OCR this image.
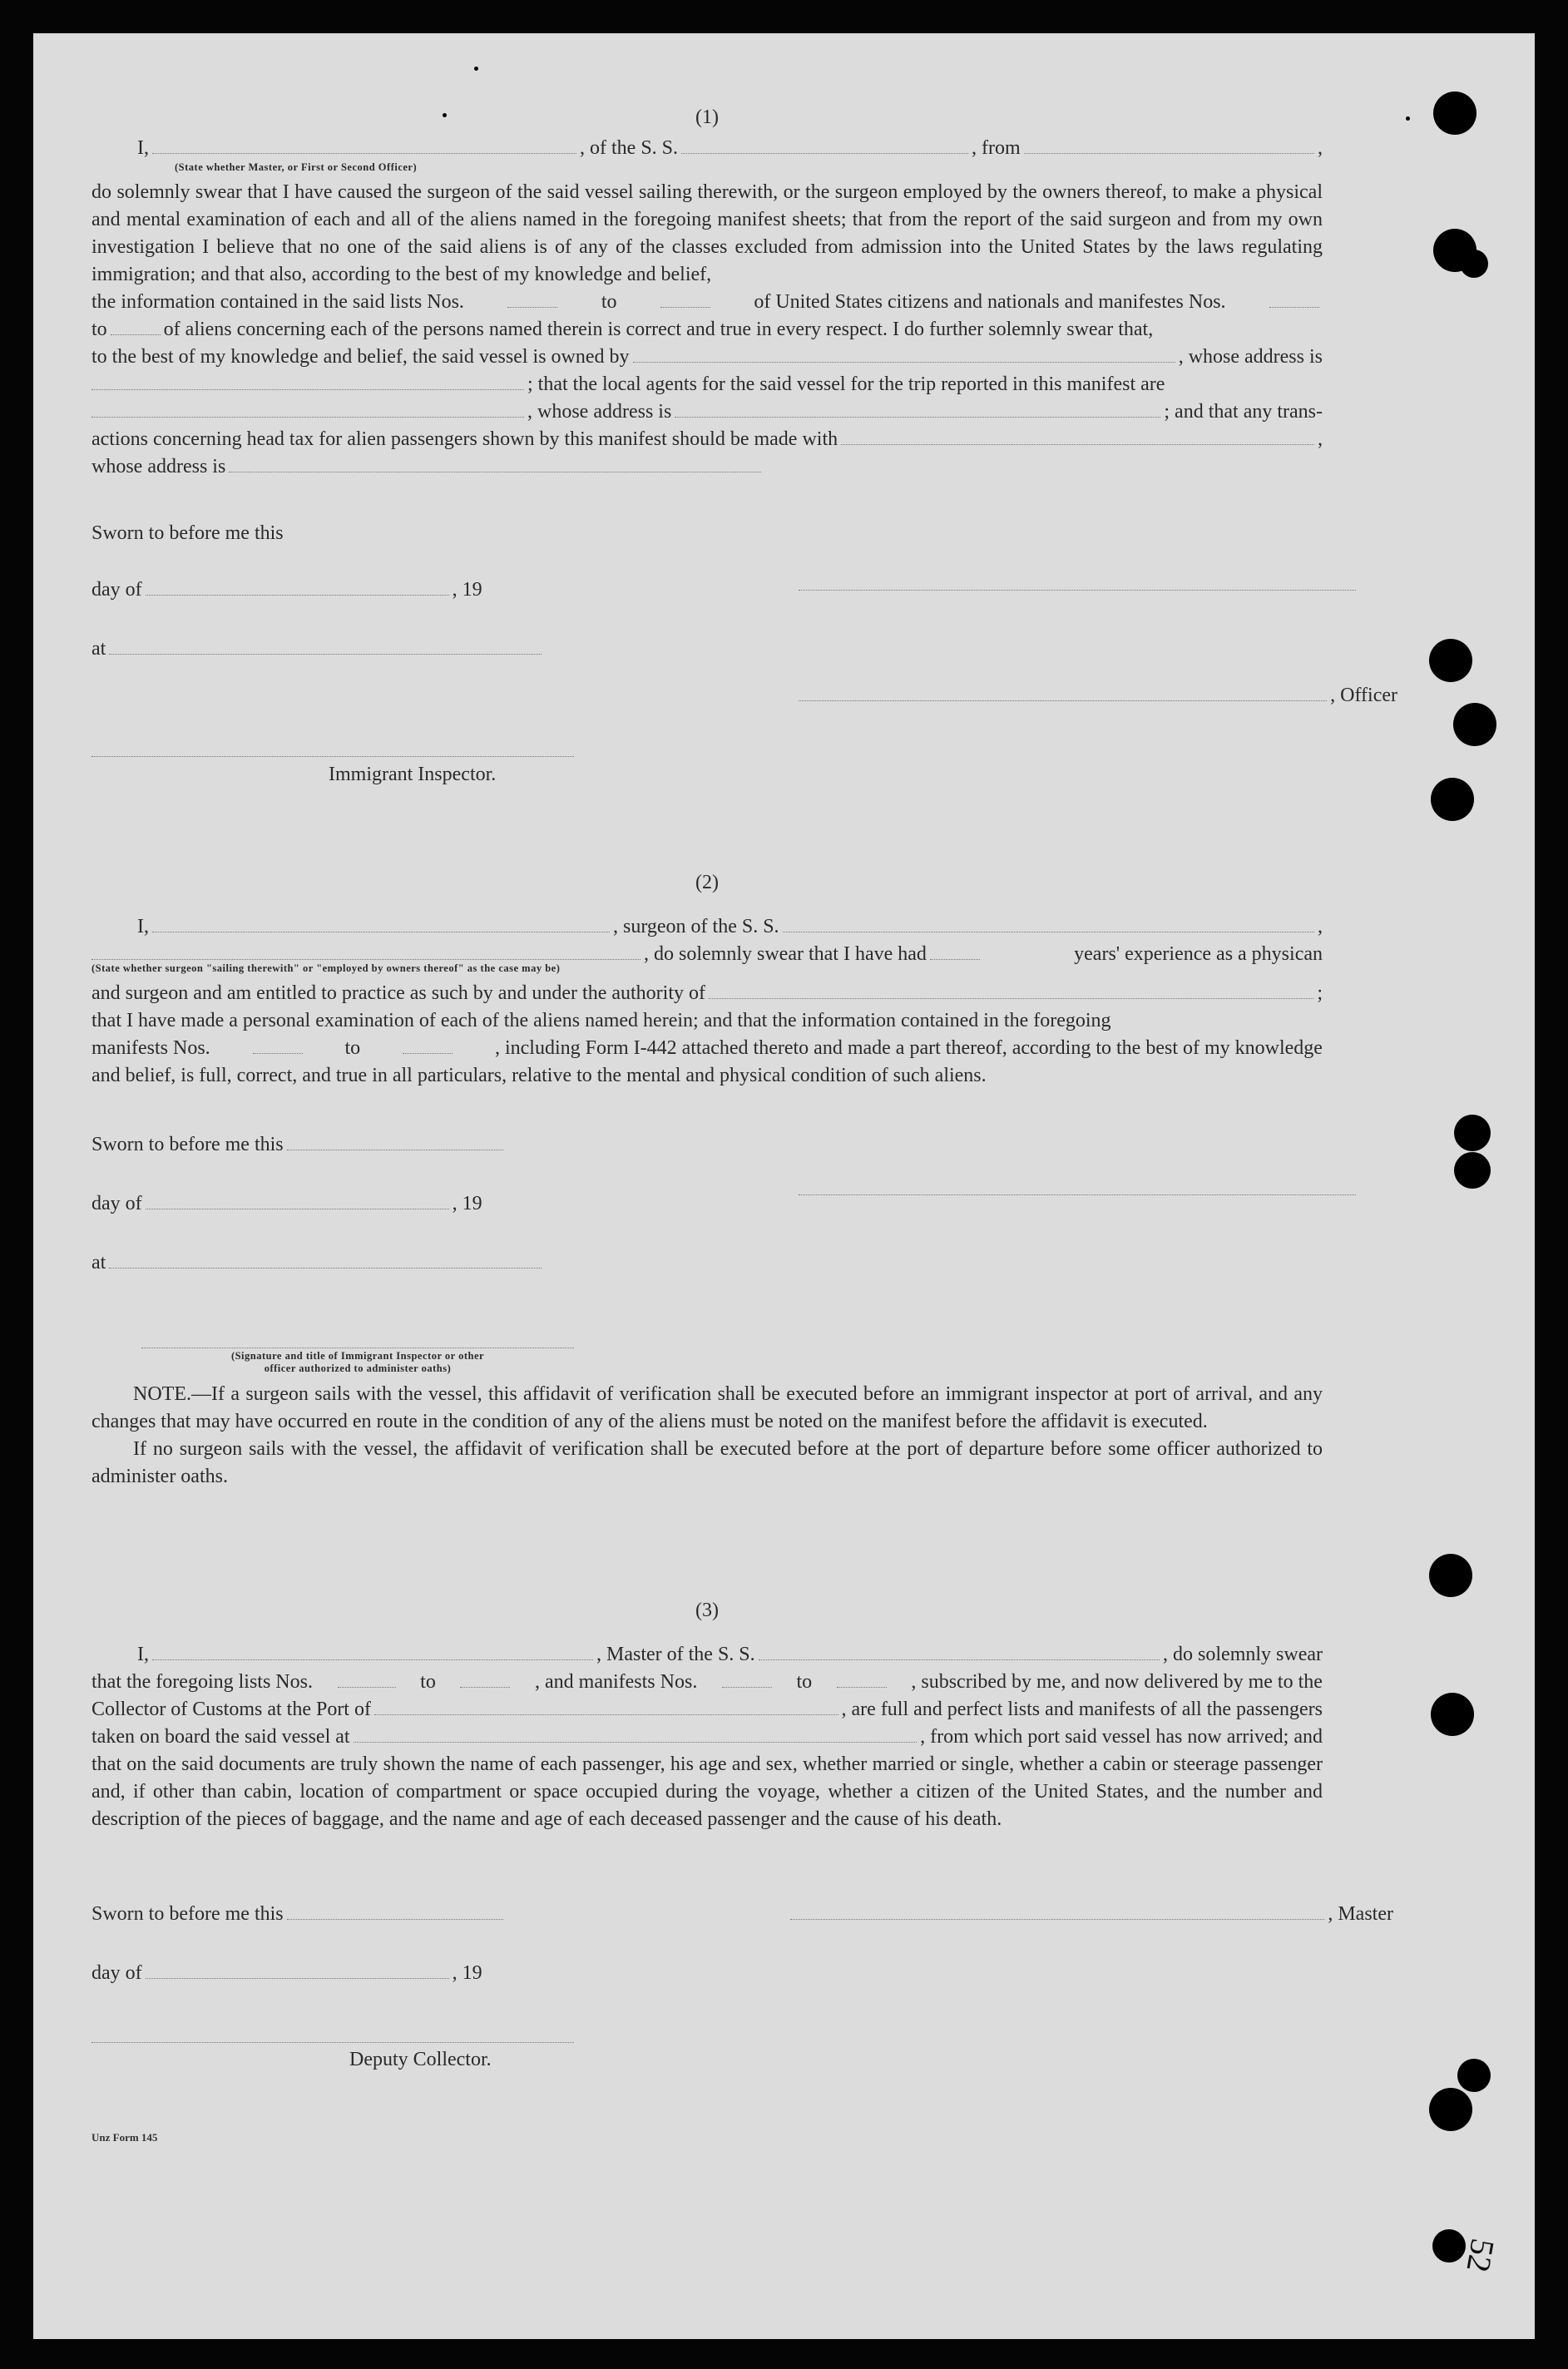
(1)
I,	, of the S. S.	, from	,
(State whether Master, or First or Second Officer)
do solemnly swear that I have caused the surgeon of the said vessel sailing therewith, or the surgeon employed by the owners thereof, to make a physical and mental examination of each and all of the aliens named in the foregoing manifest sheets; that from the report of the said surgeon and from my own investigation I believe that no one of the said aliens is of any of the classes excluded from admission into the United States by the laws regulating immigration; and that also, according to the best of my knowledge and belief,
the information contained in the said lists Nos.	to	of United States citizens and nationals and manifestes Nos.
to	of aliens concerning each of the persons named therein is correct and true in every respect. I do further solemnly swear that,
to the best of my knowledge and belief, the said vessel is owned by	, whose address is
; that the local agents for the said vessel for the trip reported in this manifest are
, whose address is	; and that any trans-
actions concerning head tax for alien passengers shown by this manifest should be made with	,
whose address is
Sworn to before me this
day of	, 19
at
, Officer
Immigrant Inspector.
(2)
I,	, surgeon of the S. S.	,
, do solemnly swear that I have had	years' experience as a physican
(State whether surgeon "sailing therewith" or "employed by owners thereof" as the case may be)
and surgeon and am entitled to practice as such by and under the authority of	;
that I have made a personal examination of each of the aliens named herein; and that the information contained in the foregoing
manifests Nos.	to	, including Form I-442 attached thereto and made a part thereof, according to the best of my knowledge
and belief, is full, correct, and true in all particulars, relative to the mental and physical condition of such aliens.
Sworn to before me this
day of	, 19
at
(Signature and title of Immigrant Inspector or other
officer authorized to administer oaths)
NOTE.—If a surgeon sails with the vessel, this affidavit of verification shall be executed before an immigrant inspector at port of arrival, and any changes that may have occurred en route in the condition of any of the aliens must be noted on the manifest before the affidavit is executed.
If no surgeon sails with the vessel, the affidavit of verification shall be executed before at the port of departure before some officer authorized to administer oaths.
(3)
I,	, Master of the S. S.	, do solemnly swear
that the foregoing lists Nos.	to	, and manifests Nos.	to	, subscribed by me, and now delivered by me to the
Collector of Customs at the Port of	, are full and perfect lists and manifests of all the passengers
taken on board the said vessel at	, from which port said vessel has now arrived; and
that on the said documents are truly shown the name of each passenger, his age and sex, whether married or single, whether a cabin or steerage passenger and, if other than cabin, location of compartment or space occupied during the voyage, whether a citizen of the United States, and the number and description of the pieces of baggage, and the name and age of each deceased passenger and the cause of his death.
Sworn to before me this	, Master
day of	, 19
Deputy Collector.
Unz Form 145
52
